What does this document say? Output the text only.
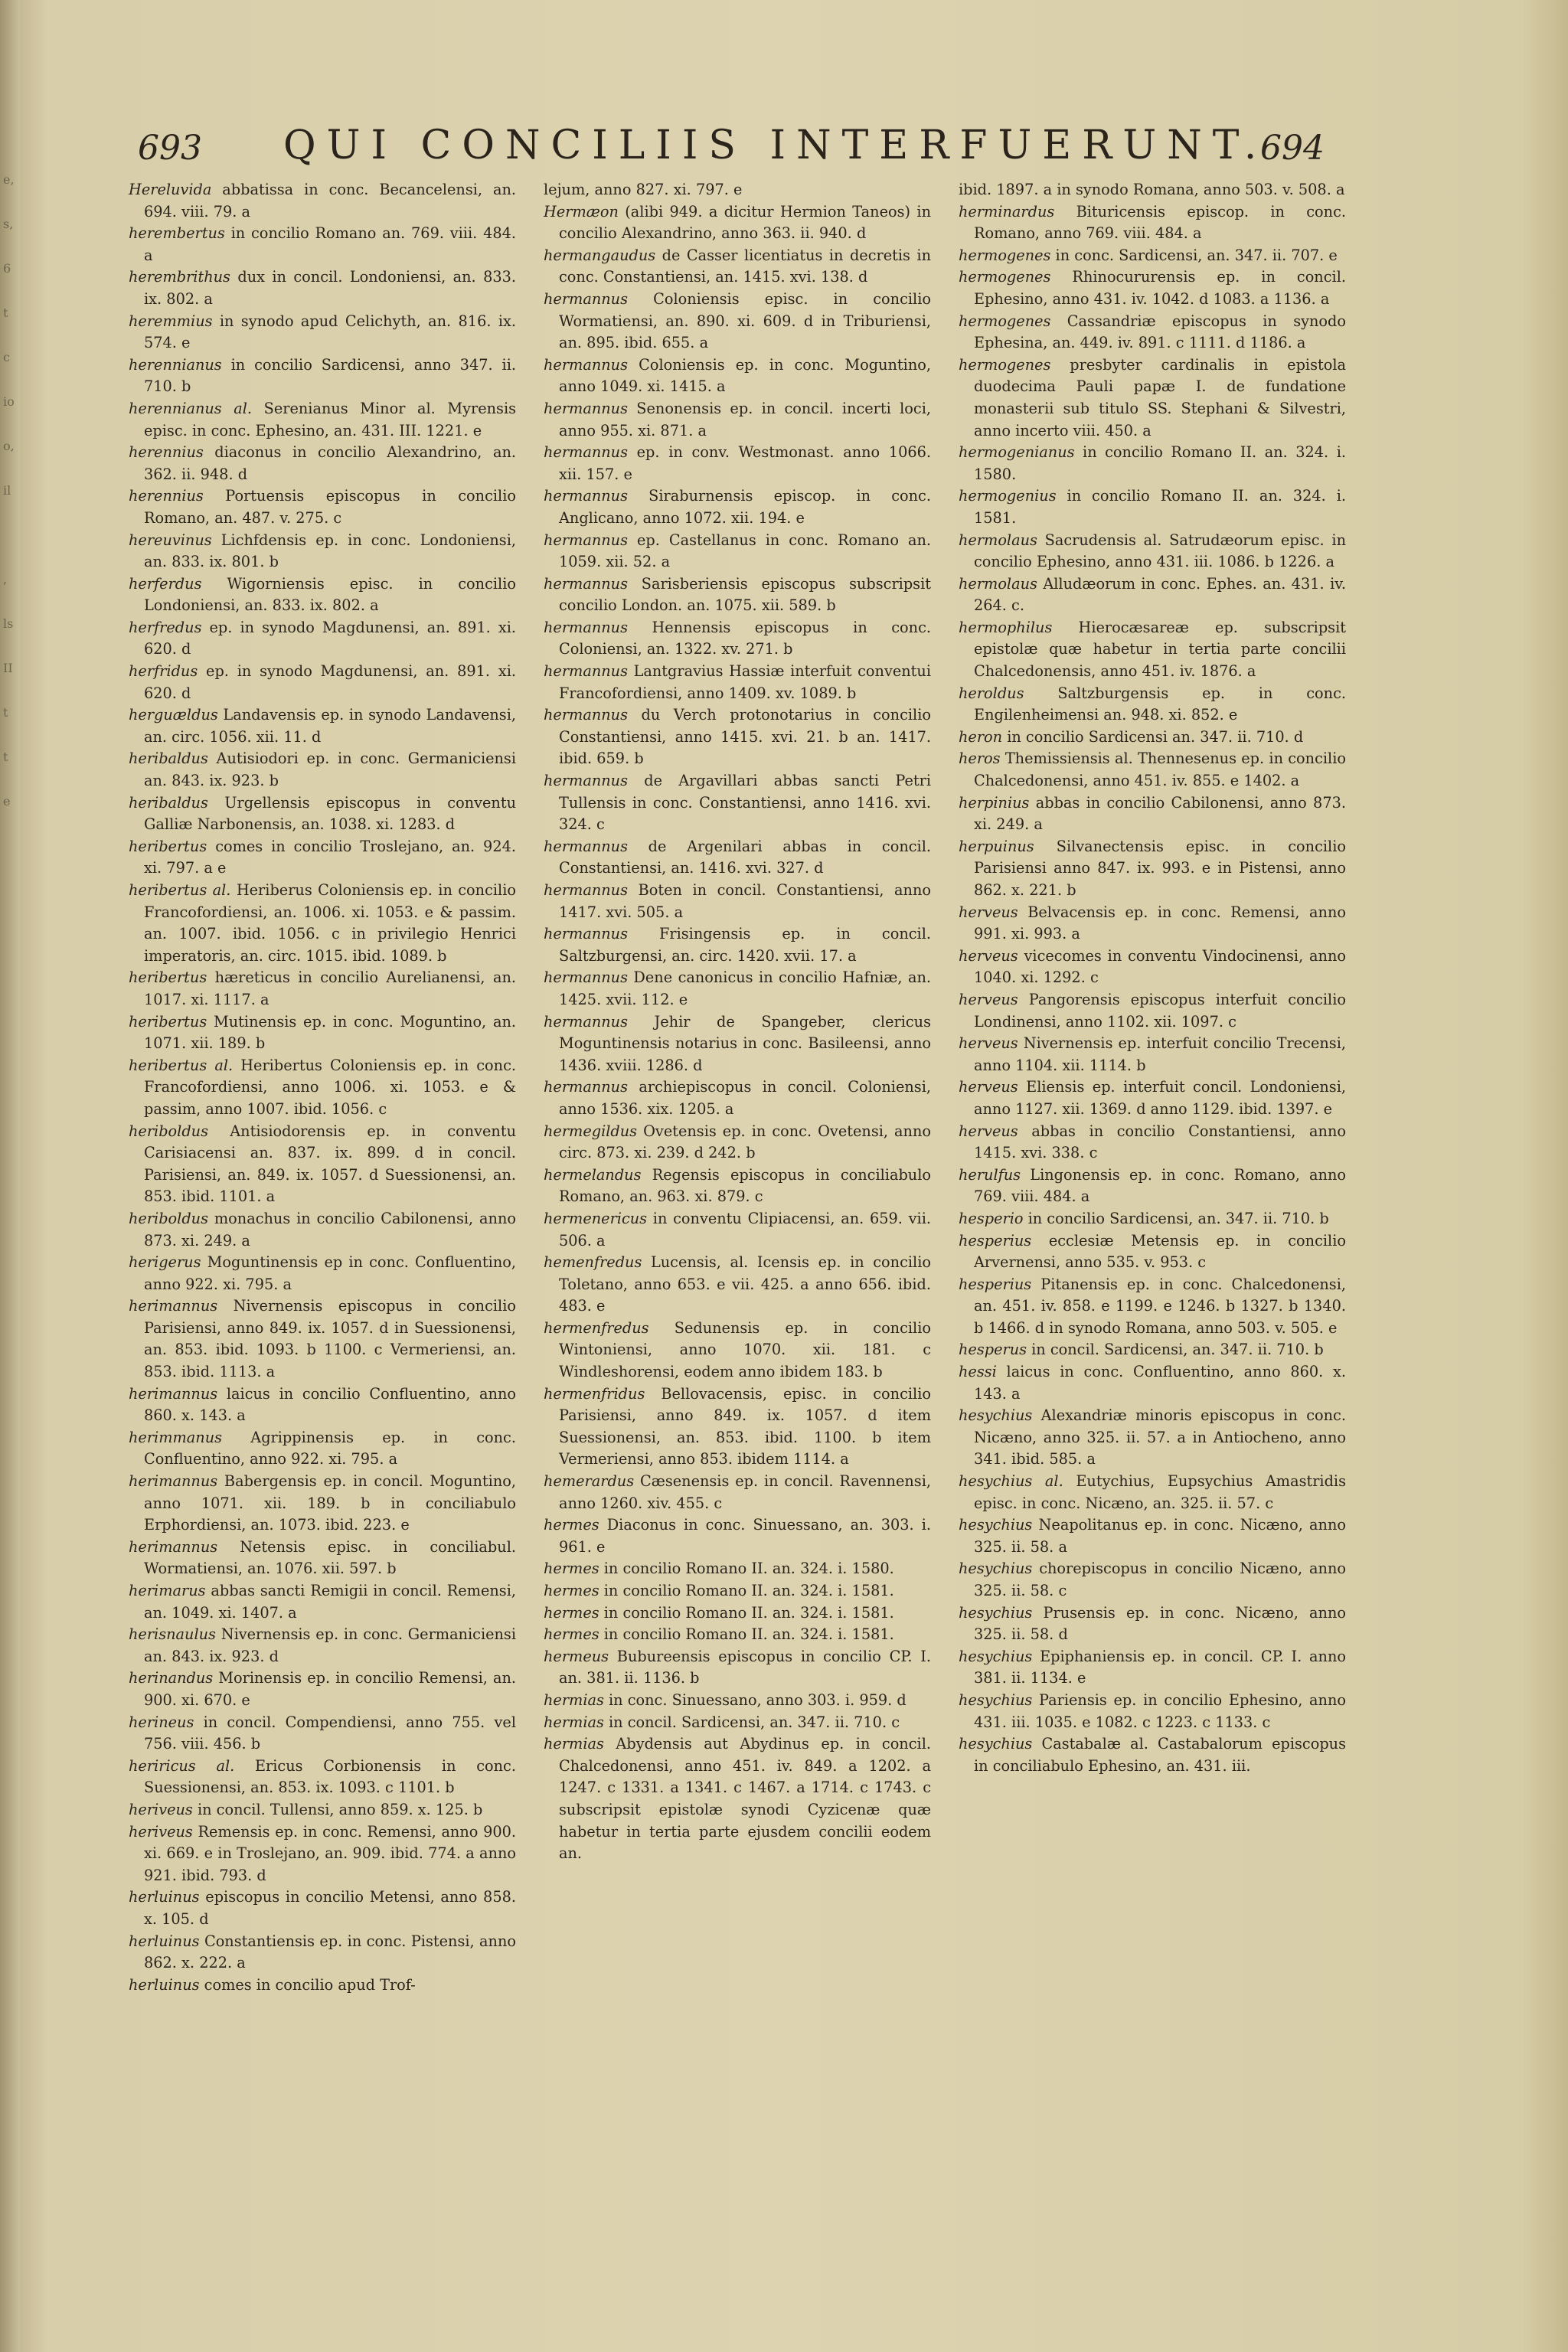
e,
s,
6
t
c
io
o,
il
,
ls
II
t
t
e
693 QUI CONCILIIS INTERFUERUNT.
694

Hereluvida abbatissa in conc. Becancelensi, an. 694. viii. 79. a

herembertus in concilio Romano an. 769. viii. 484. a

herembrithus dux in concil. Londoniensi, an. 833. ix. 802. a

heremmius in synodo apud Celichyth, an. 816. ix. 574. e

herennianus in concilio Sardicensi, anno 347. ii. 710. b

herennianus al. Serenianus Minor al. Myrensis episc. in conc. Ephesino, an. 431. III. 1221. e

herennius diaconus in concilio Alexandrino, an. 362. ii. 948. d

herennius Portuensis episcopus in concilio Romano, an. 487. v. 275. c

hereuvinus Lichfdensis ep. in conc. Londoniensi, an. 833. ix. 801. b

herferdus Wigorniensis episc. in concilio Londoniensi, an. 833. ix. 802. a

herfredus ep. in synodo Magdunensi, an. 891. xi. 620. d

herfridus ep. in synodo Magdunensi, an. 891. xi. 620. d

herguældus Landavensis ep. in synodo Landavensi, an. circ. 1056. xii. 11. d

heribaldus Autisiodori ep. in conc. Germaniciensi an. 843. ix. 923. b

heribaldus Urgellensis episcopus in conventu Galliæ Narbonensis, an. 1038. xi. 1283. d

heribertus comes in concilio Troslejano, an. 924. xi. 797. a e

heribertus al. Heriberus Coloniensis ep. in concilio Francofordiensi, an. 1006. xi. 1053. e & passim. an. 1007. ibid. 1056. c in privilegio Henrici imperatoris, an. circ. 1015. ibid. 1089. b

heribertus hæreticus in concilio Aurelianensi, an. 1017. xi. 1117. a

heribertus Mutinensis ep. in conc. Moguntino, an. 1071. xii. 189. b

heribertus al. Heribertus Coloniensis ep. in conc. Francofordiensi, anno 1006. xi. 1053. e & passim, anno 1007. ibid. 1056. c

heriboldus Antisiodorensis ep. in conventu Carisiacensi an. 837. ix. 899. d in concil. Parisiensi, an. 849. ix. 1057. d Suessionensi, an. 853. ibid. 1101. a

heriboldus monachus in concilio Cabilonensi, anno 873. xi. 249. a

herigerus Moguntinensis ep in conc. Confluentino, anno 922. xi. 795. a

herimannus Nivernensis episcopus in concilio Parisiensi, anno 849. ix. 1057. d in Suessionensi, an. 853. ibid. 1093. b 1100. c Vermeriensi, an. 853. ibid. 1113. a

herimannus laicus in concilio Confluentino, anno 860. x. 143. a

herimmanus Agrippinensis ep. in conc. Confluentino, anno 922. xi. 795. a

herimannus Babergensis ep. in concil. Moguntino, anno 1071. xii. 189. b in conciliabulo Erphordiensi, an. 1073. ibid. 223. e

herimannus Netensis episc. in conciliabul. Wormatiensi, an. 1076. xii. 597. b

herimarus abbas sancti Remigii in concil. Remensi, an. 1049. xi. 1407. a

herisnaulus Nivernensis ep. in conc. Germaniciensi an. 843. ix. 923. d

herinandus Morinensis ep. in concilio Remensi, an. 900. xi. 670. e

herineus in concil. Compendiensi, anno 755. vel 756. viii. 456. b

heriricus al. Ericus Corbionensis in conc. Suessionensi, an. 853. ix. 1093. c 1101. b

heriveus in concil. Tullensi, anno 859. x. 125. b

heriveus Remensis ep. in conc. Remensi, anno 900. xi. 669. e in Troslejano, an. 909. ibid. 774. a anno 921. ibid. 793. d

herluinus episcopus in concilio Metensi, anno 858. x. 105. d

herluinus Constantiensis ep. in conc. Pistensi, anno 862. x. 222. a

herluinus comes in concilio apud Trof-

lejum, anno 827. xi. 797. e

Hermæon (alibi 949. a dicitur Hermion Taneos) in concilio Alexandrino, anno 363. ii. 940. d

hermangaudus de Casser licentiatus in decretis in conc. Constantiensi, an. 1415. xvi. 138. d

hermannus Coloniensis episc. in concilio Wormatiensi, an. 890. xi. 609. d in Triburiensi, an. 895. ibid. 655. a

hermannus Coloniensis ep. in conc. Moguntino, anno 1049. xi. 1415. a

hermannus Senonensis ep. in concil. incerti loci, anno 955. xi. 871. a

hermannus ep. in conv. Westmonast. anno 1066. xii. 157. e

hermannus Siraburnensis episcop. in conc. Anglicano, anno 1072. xii. 194. e

hermannus ep. Castellanus in conc. Romano an. 1059. xii. 52. a

hermannus Sarisberiensis episcopus subscripsit concilio London. an. 1075. xii. 589. b

hermannus Hennensis episcopus in conc. Coloniensi, an. 1322. xv. 271. b

hermannus Lantgravius Hassiæ interfuit conventui Francofordiensi, anno 1409. xv. 1089. b

hermannus du Verch protonotarius in concilio Constantiensi, anno 1415. xvi. 21. b an. 1417. ibid. 659. b

hermannus de Argavillari abbas sancti Petri Tullensis in conc. Constantiensi, anno 1416. xvi. 324. c

hermannus de Argenilari abbas in concil. Constantiensi, an. 1416. xvi. 327. d

hermannus Boten in concil. Constantiensi, anno 1417. xvi. 505. a

hermannus Frisingensis ep. in concil. Saltzburgensi, an. circ. 1420. xvii. 17. a

hermannus Dene canonicus in concilio Hafniæ, an. 1425. xvii. 112. e

hermannus Jehir de Spangeber, clericus Moguntinensis notarius in conc. Basileensi, anno 1436. xviii. 1286. d

hermannus archiepiscopus in concil. Coloniensi, anno 1536. xix. 1205. a

hermegildus Ovetensis ep. in conc. Ovetensi, anno circ. 873. xi. 239. d 242. b

hermelandus Regensis episcopus in conciliabulo Romano, an. 963. xi. 879. c

hermenericus in conventu Clipiacensi, an. 659. vii. 506. a

hemenfredus Lucensis, al. Icensis ep. in concilio Toletano, anno 653. e vii. 425. a anno 656. ibid. 483. e

hermenfredus Sedunensis ep. in concilio Wintoniensi, anno 1070. xii. 181. c Windleshorensi, eodem anno ibidem 183. b

hermenfridus Bellovacensis, episc. in concilio Parisiensi, anno 849. ix. 1057. d item Suessionensi, an. 853. ibid. 1100. b item Vermeriensi, anno 853. ibidem 1114. a

hemerardus Cæsenensis ep. in concil. Ravennensi, anno 1260. xiv. 455. c

hermes Diaconus in conc. Sinuessano, an. 303. i. 961. e

hermes in concilio Romano II. an. 324. i. 1580.

hermes in concilio Romano II. an. 324. i. 1581.

hermes in concilio Romano II. an. 324. i. 1581.

hermes in concilio Romano II. an. 324. i. 1581.

hermeus Bubureensis episcopus in concilio CP. I. an. 381. ii. 1136. b

hermias in conc. Sinuessano, anno 303. i. 959. d

hermias in concil. Sardicensi, an. 347. ii. 710. c

hermias Abydensis aut Abydinus ep. in concil. Chalcedonensi, anno 451. iv. 849. a 1202. a 1247. c 1331. a 1341. c 1467. a 1714. c 1743. c subscripsit epistolæ synodi Cyzicenæ quæ habetur in tertia parte ejusdem concilii eodem an.

ibid. 1897. a in synodo Romana, anno 503. v. 508. a

herminardus Bituricensis episcop. in conc. Romano, anno 769. viii. 484. a

hermogenes in conc. Sardicensi, an. 347. ii. 707. e

hermogenes Rhinocururensis ep. in concil. Ephesino, anno 431. iv. 1042. d 1083. a 1136. a

hermogenes Cassandriæ episcopus in synodo Ephesina, an. 449. iv. 891. c 1111. d 1186. a

hermogenes presbyter cardinalis in epistola duodecima Pauli papæ I. de fundatione monasterii sub titulo SS. Stephani & Silvestri, anno incerto viii. 450. a

hermogenianus in concilio Romano II. an. 324. i. 1580.

hermogenius in concilio Romano II. an. 324. i. 1581.

hermolaus Sacrudensis al. Satrudæorum episc. in concilio Ephesino, anno 431. iii. 1086. b 1226. a

hermolaus Alludæorum in conc. Ephes. an. 431. iv. 264. c.

hermophilus Hierocæsareæ ep. subscripsit epistolæ quæ habetur in tertia parte concilii Chalcedonensis, anno 451. iv. 1876. a

heroldus Saltzburgensis ep. in conc. Engilenheimensi an. 948. xi. 852. e

heron in concilio Sardicensi an. 347. ii. 710. d

heros Themissiensis al. Thennesenus ep. in concilio Chalcedonensi, anno 451. iv. 855. e 1402. a

herpinius abbas in concilio Cabilonensi, anno 873. xi. 249. a

herpuinus Silvanectensis episc. in concilio Parisiensi anno 847. ix. 993. e in Pistensi, anno 862. x. 221. b

herveus Belvacensis ep. in conc. Remensi, anno 991. xi. 993. a

herveus vicecomes in conventu Vindocinensi, anno 1040. xi. 1292. c

herveus Pangorensis episcopus interfuit concilio Londinensi, anno 1102. xii. 1097. c

herveus Nivernensis ep. interfuit concilio Trecensi, anno 1104. xii. 1114. b

herveus Eliensis ep. interfuit concil. Londoniensi, anno 1127. xii. 1369. d anno 1129. ibid. 1397. e

herveus abbas in concilio Constantiensi, anno 1415. xvi. 338. c

herulfus Lingonensis ep. in conc. Romano, anno 769. viii. 484. a

hesperio in concilio Sardicensi, an. 347. ii. 710. b

hesperius ecclesiæ Metensis ep. in concilio Arvernensi, anno 535. v. 953. c

hesperius Pitanensis ep. in conc. Chalcedonensi, an. 451. iv. 858. e 1199. e 1246. b 1327. b 1340. b 1466. d in synodo Romana, anno 503. v. 505. e

hesperus in concil. Sardicensi, an. 347. ii. 710. b

hessi laicus in conc. Confluentino, anno 860. x. 143. a

hesychius Alexandriæ minoris episcopus in conc. Nicæno, anno 325. ii. 57. a in Antiocheno, anno 341. ibid. 585. a

hesychius al. Eutychius, Eupsychius Amastridis episc. in conc. Nicæno, an. 325. ii. 57. c

hesychius Neapolitanus ep. in conc. Nicæno, anno 325. ii. 58. a

hesychius chorepiscopus in concilio Nicæno, anno 325. ii. 58. c

hesychius Prusensis ep. in conc. Nicæno, anno 325. ii. 58. d

hesychius Epiphaniensis ep. in concil. CP. I. anno 381. ii. 1134. e

hesychius Pariensis ep. in concilio Ephesino, anno 431. iii. 1035. e 1082. c 1223. c 1133. c

hesychius Castabalæ al. Castabalorum episcopus in conciliabulo Ephesino, an. 431. iii.
